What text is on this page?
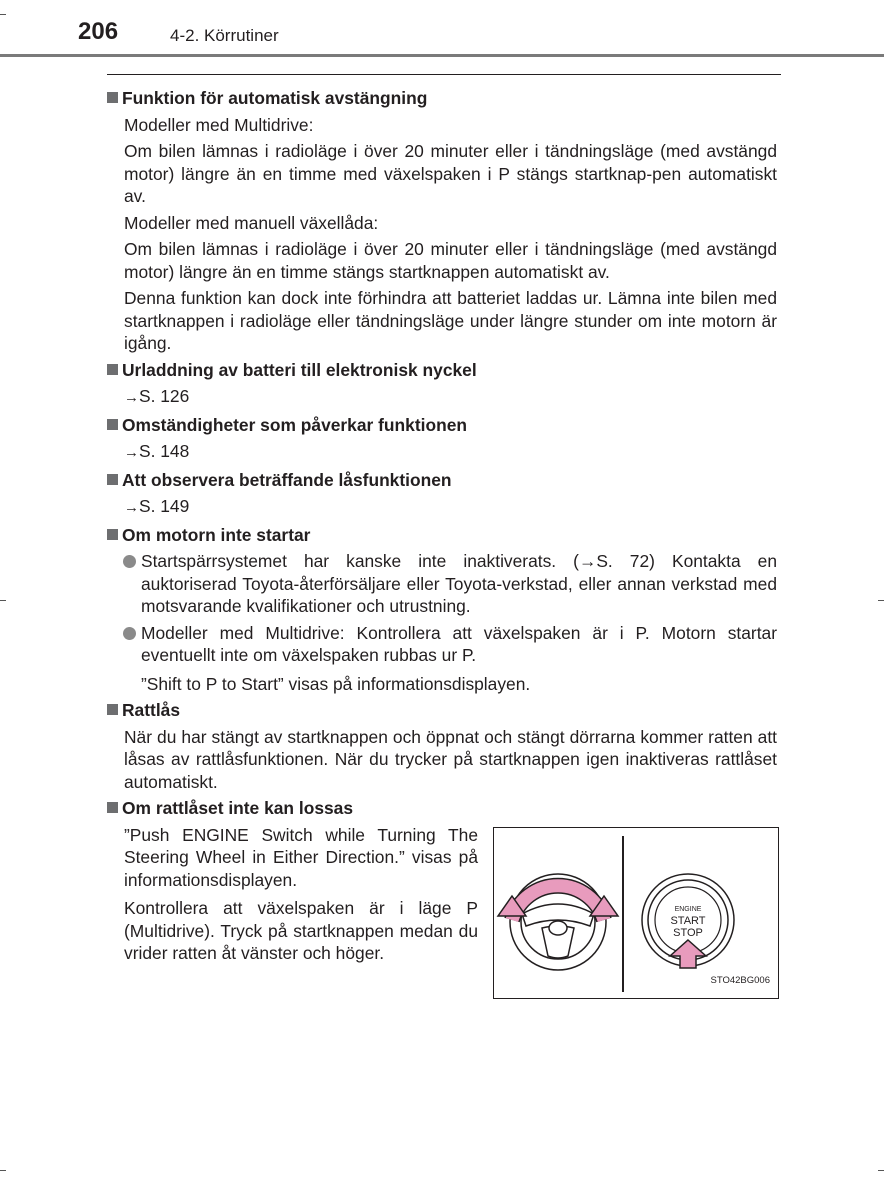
206	4-2. Körrutiner
Funktion för automatisk avstängning
Modeller med Multidrive:
Om bilen lämnas i radioläge i över 20 minuter eller i tändningsläge (med avstängd motor) längre än en timme med växelspaken i P stängs startknap-pen automatiskt av.
Modeller med manuell växellåda:
Om bilen lämnas i radioläge i över 20 minuter eller i tändningsläge (med avstängd motor) längre än en timme stängs startknappen automatiskt av.
Denna funktion kan dock inte förhindra att batteriet laddas ur. Lämna inte bilen med startknappen i radioläge eller tändningsläge under längre stunder om inte motorn är igång.
Urladdning av batteri till elektronisk nyckel
→S. 126
Omständigheter som påverkar funktionen
→S. 148
Att observera beträffande låsfunktionen
→S. 149
Om motorn inte startar
Startspärrsystemet har kanske inte inaktiverats. (→S. 72) Kontakta en auktoriserad Toyota-återförsäljare eller Toyota-verkstad, eller annan verkstad med motsvarande kvalifikationer och utrustning.
Modeller med Multidrive: Kontrollera att växelspaken är i P. Motorn startar eventuellt inte om växelspaken rubbas ur P.
”Shift to P to Start” visas på informationsdisplayen.
Rattlås
När du har stängt av startknappen och öppnat och stängt dörrarna kommer ratten att låsas av rattlåsfunktionen. När du trycker på startknappen igen inaktiveras rattlåset automatiskt.
Om rattlåset inte kan lossas

”Push ENGINE Switch while Turning The Steering Wheel in Either Direction.” visas på informationsdisplayen.

Kontrollera att växelspaken är i läge P (Multidrive). Tryck på startknappen medan du vrider ratten åt vänster och höger.

ENGINE
START
STOP
STO42BG006
